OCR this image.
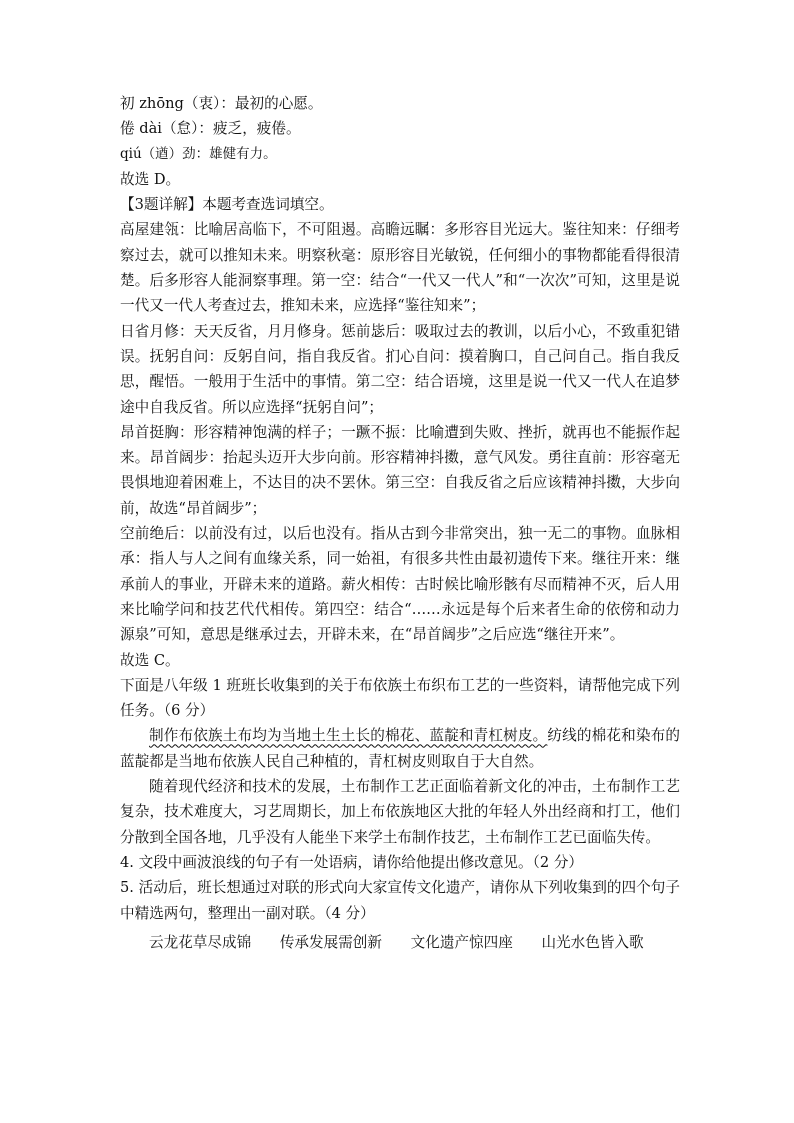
初 zhōng（衷）：最初的心愿。

倦 dài（怠）：疲乏，疲倦。

qiú（遒）劲：雄健有力。

故选 D。

【3题详解】本题考查选词填空。

高屋建瓴：比喻居高临下，不可阻遏。高瞻远瞩：多形容目光远大。鉴往知来：仔细考察过去，就可以推知未来。明察秋毫：原形容目光敏锐，任何细小的事物都能看得很清楚。后多形容人能洞察事理。第一空：结合“一代又一代人”和“一次次”可知，这里是说一代又一代人考查过去，推知未来，应选择“鉴往知来”；

日省月修：天天反省，月月修身。惩前毖后：吸取过去的教训，以后小心，不致重犯错误。抚躬自问：反躬自问，指自我反省。扪心自问：摸着胸口，自己问自己。指自我反思，醒悟。一般用于生活中的事情。第二空：结合语境，这里是说一代又一代人在追梦途中自我反省。所以应选择“抚躬自问”；

昂首挺胸：形容精神饱满的样子；一蹶不振：比喻遭到失败、挫折，就再也不能振作起来。昂首阔步：抬起头迈开大步向前。形容精神抖擞，意气风发。勇往直前：形容毫无畏惧地迎着困难上，不达目的决不罢休。第三空：自我反省之后应该精神抖擞，大步向前，故选“昂首阔步”；

空前绝后：以前没有过，以后也没有。指从古到今非常突出，独一无二的事物。血脉相承：指人与人之间有血缘关系，同一始祖，有很多共性由最初遗传下来。继往开来：继承前人的事业，开辟未来的道路。薪火相传：古时候比喻形骸有尽而精神不灭，后人用来比喻学问和技艺代代相传。第四空：结合“……永远是每个后来者生命的依傍和动力源泉”可知，意思是继承过去，开辟未来，在“昂首阔步”之后应选“继往开来”。

故选 C。

下面是八年级 1 班班长收集到的关于布依族土布织布工艺的一些资料，请帮他完成下列任务。（6 分）

制作布依族土布均为当地土生土长的棉花、蓝靛和青杠树皮。纺线的棉花和染布的蓝靛都是当地布依族人民自己种植的，青杠树皮则取自于大自然。

随着现代经济和技术的发展，土布制作工艺正面临着新文化的冲击，土布制作工艺复杂，技术难度大，习艺周期长，加上布依族地区大批的年轻人外出经商和打工，他们分散到全国各地，几乎没有人能坐下来学土布制作技艺，土布制作工艺已面临失传。

4. 文段中画波浪线的句子有一处语病，请你给他提出修改意见。（2 分）

5. 活动后，班长想通过对联的形式向大家宣传文化遗产，请你从下列收集到的四个句子中精选两句，整理出一副对联。（4 分）

云龙花草尽成锦 传承发展需创新 文化遗产惊四座 山光水色皆入歌
